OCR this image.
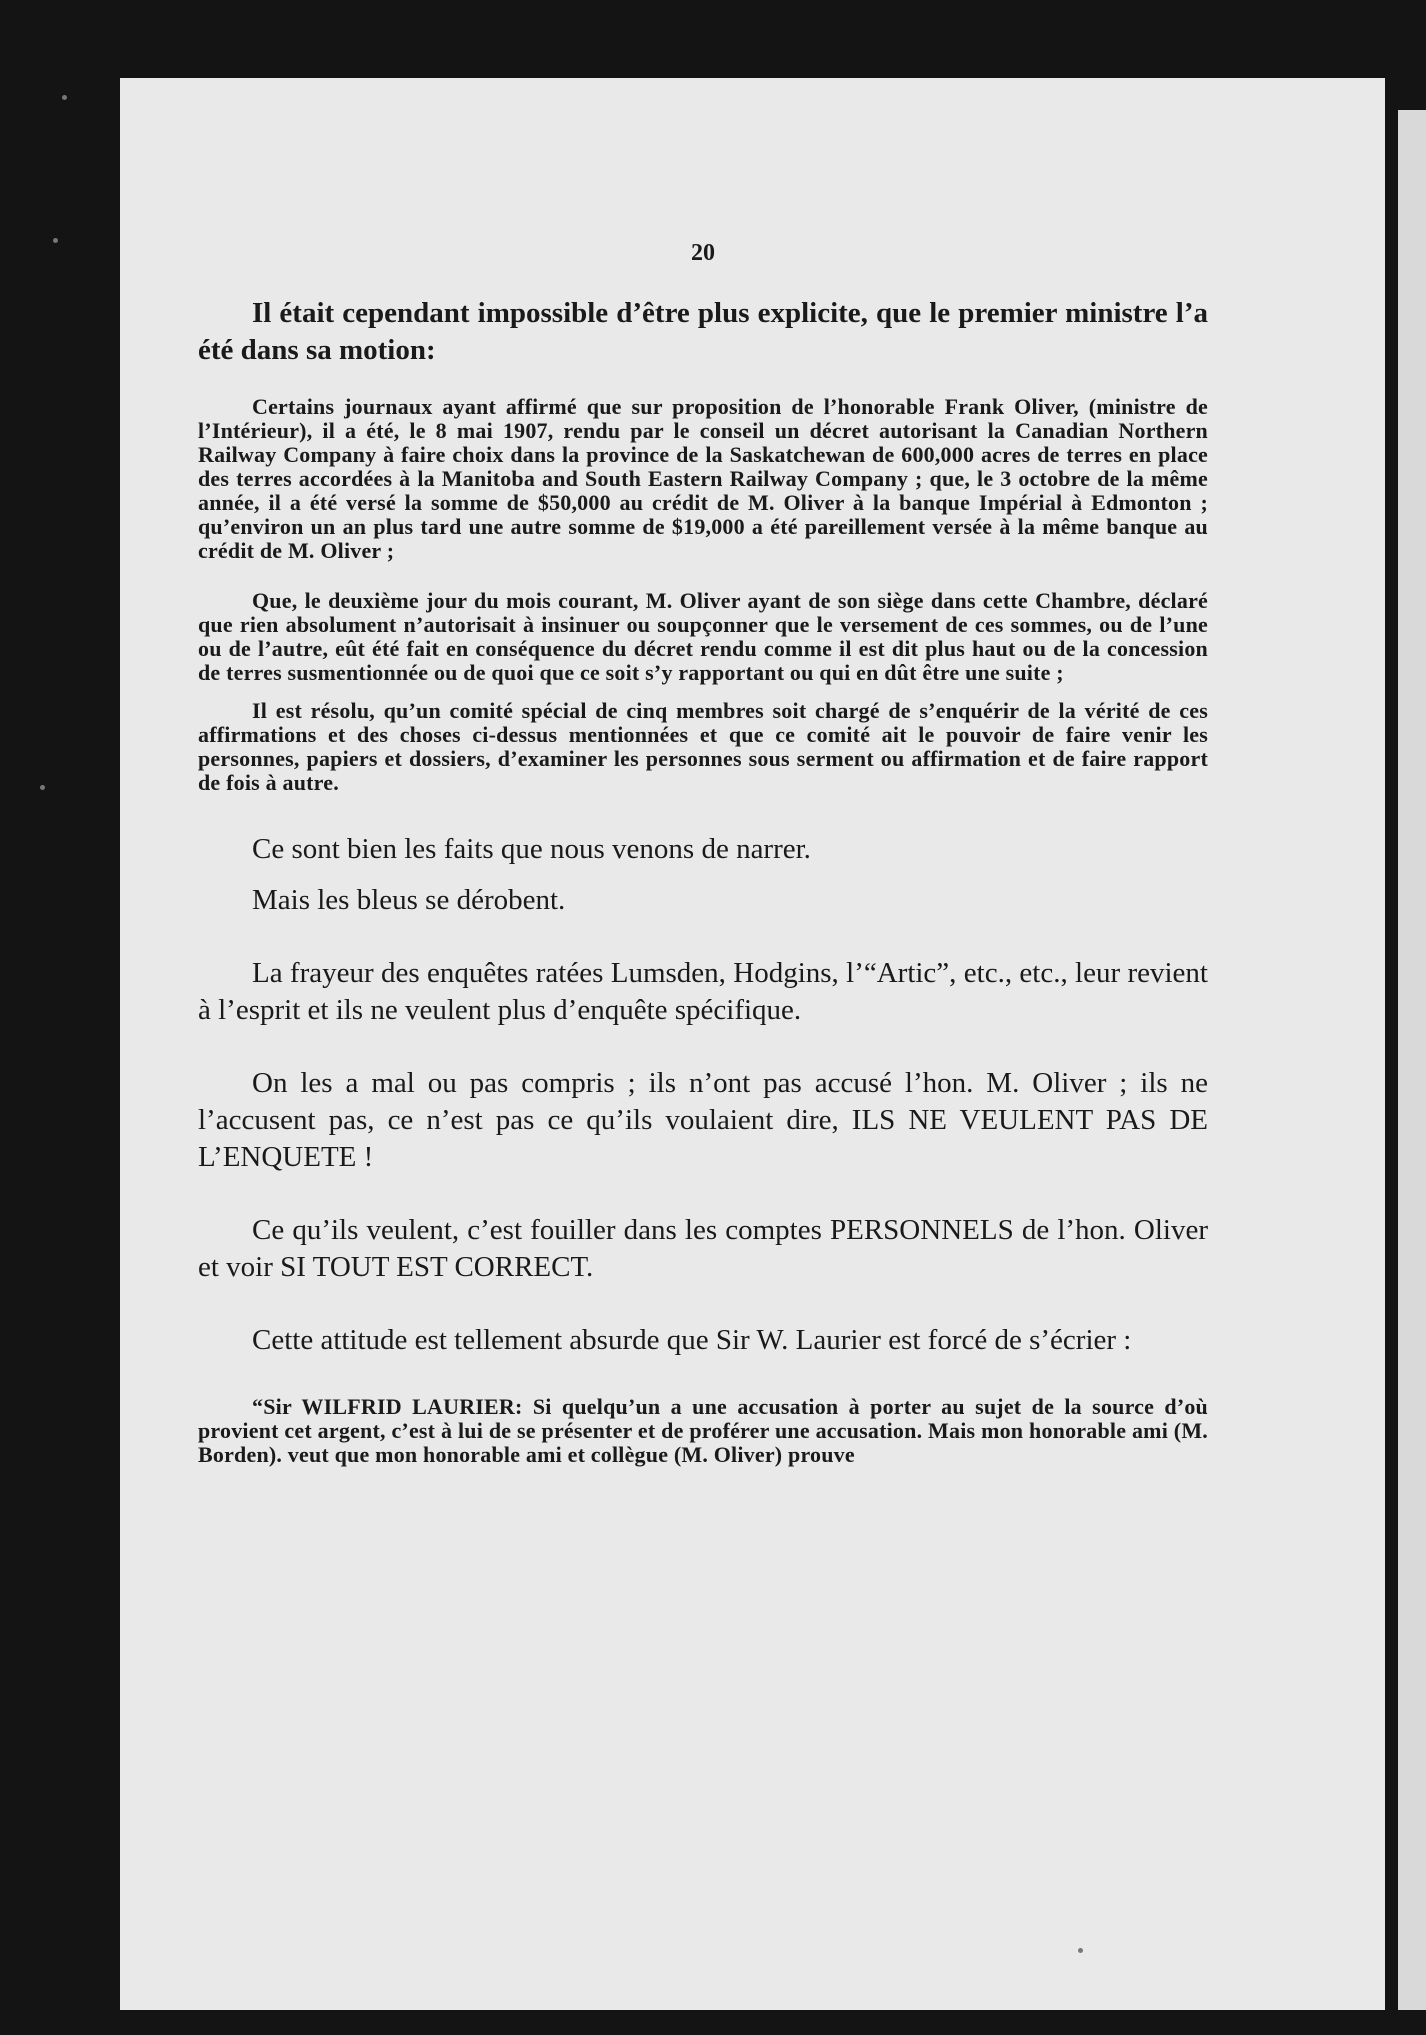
20

Il était cependant impossible d’être plus explicite, que le premier ministre l’a été dans sa motion:

Certains journaux ayant affirmé que sur proposition de l’honorable Frank Oliver, (ministre de l’Intérieur), il a été, le 8 mai 1907, rendu par le conseil un décret autorisant la Canadian Northern Railway Company à faire choix dans la province de la Saskatchewan de 600,000 acres de terres en place des terres accordées à la Manitoba and South Eastern Railway Company ; que, le 3 octobre de la même année, il a été versé la somme de $50,000 au crédit de M. Oliver à la banque Impérial à Edmonton ; qu’environ un an plus tard une autre somme de $19,000 a été pareillement versée à la même banque au crédit de M. Oliver ;

Que, le deuxième jour du mois courant, M. Oliver ayant de son siège dans cette Chambre, déclaré que rien absolument n’autorisait à insinuer ou soupçonner que le versement de ces sommes, ou de l’une ou de l’autre, eût été fait en conséquence du décret rendu comme il est dit plus haut ou de la concession de terres susmentionnée ou de quoi que ce soit s’y rapportant ou qui en dût être une suite ;

Il est résolu, qu’un comité spécial de cinq membres soit chargé de s’enquérir de la vérité de ces affirmations et des choses ci-dessus mentionnées et que ce comité ait le pouvoir de faire venir les personnes, papiers et dossiers, d’examiner les personnes sous serment ou affirmation et de faire rapport de fois à autre.

Ce sont bien les faits que nous venons de narrer.

Mais les bleus se dérobent.

La frayeur des enquêtes ratées Lumsden, Hodgins, l’“Artic”, etc., etc., leur revient à l’esprit et ils ne veulent plus d’enquête spécifique.

On les a mal ou pas compris ; ils n’ont pas accusé l’hon. M. Oliver ; ils ne l’accusent pas, ce n’est pas ce qu’ils voulaient dire, ILS NE VEULENT PAS DE L’ENQUETE !

Ce qu’ils veulent, c’est fouiller dans les comptes PERSONNELS de l’hon. Oliver et voir SI TOUT EST CORRECT.

Cette attitude est tellement absurde que Sir W. Laurier est forcé de s’écrier :

“Sir WILFRID LAURIER: Si quelqu’un a une accusation à porter au sujet de la source d’où provient cet argent, c’est à lui de se présenter et de proférer une accusation. Mais mon honorable ami (M. Borden). veut que mon honorable ami et collègue (M. Oliver) prouve
